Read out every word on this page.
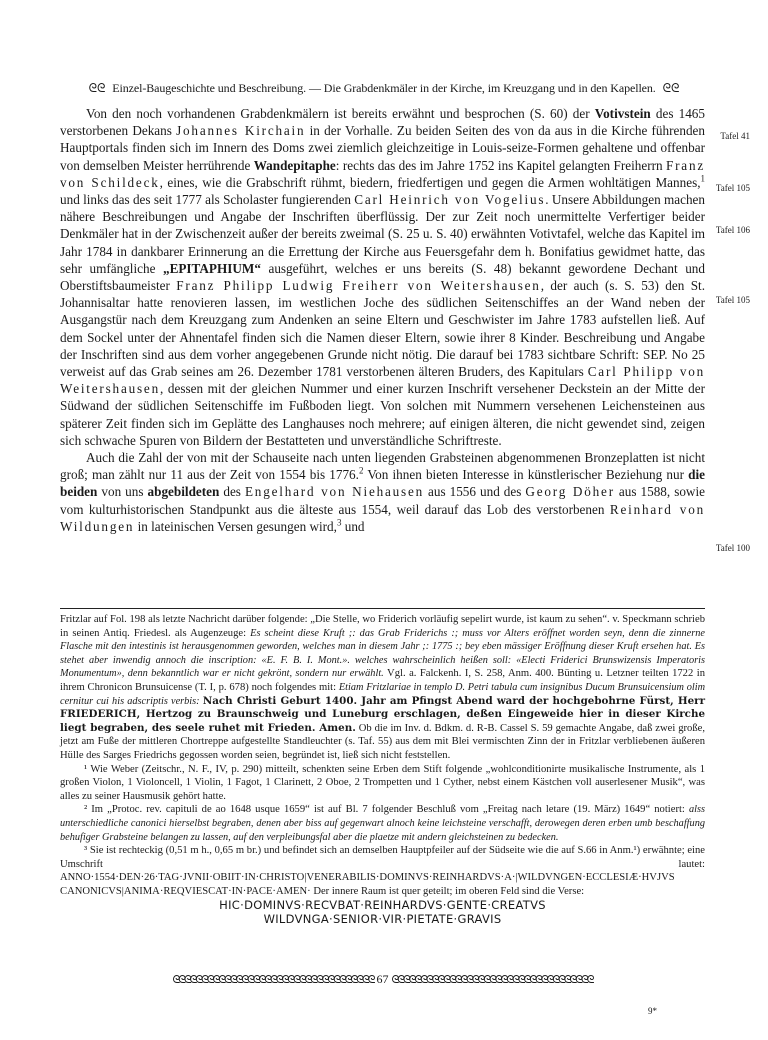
ᘓᘓ Einzel-Baugeschichte und Beschreibung. — Die Grabdenkmäler in der Kirche, im Kreuzgang und in den Kapellen. ᘓᘓ
Tafel 41
Tafel 105
Tafel 106
Tafel 105
Tafel 100

Von den noch vorhandenen Grabdenkmälern ist bereits erwähnt und besprochen (S. 60) der Votivstein des 1465 verstorbenen Dekans Johannes Kirchain in der Vorhalle. Zu beiden Seiten des von da aus in die Kirche führenden Hauptportals finden sich im Innern des Doms zwei ziemlich gleichzeitige in Louis-seize-Formen gehaltene und offenbar von demselben Meister herrührende Wandepitaphe: rechts das des im Jahre 1752 ins Kapitel gelangten Freiherrn Franz von Schildeck, eines, wie die Grabschrift rühmt, biedern, friedfertigen und gegen die Armen wohltätigen Mannes,$^1$ und links das des seit 1777 als Scholaster fungierenden Carl Heinrich von Vogelius. Unsere Abbildungen machen nähere Beschreibungen und Angabe der Inschriften überflüssig. Der zur Zeit noch unermittelte Verfertiger beider Denkmäler hat in der Zwischenzeit außer der bereits zweimal (S. 25 u. S. 40) erwähnten Votivtafel, welche das Kapitel im Jahr 1784 in dankbarer Erinnerung an die Errettung der Kirche aus Feuersgefahr dem h. Bonifatius gewidmet hatte, das sehr umfängliche „EPITAPHIUM“ ausgeführt, welches er uns bereits (S. 48) bekannt gewordene Dechant und Oberstiftsbaumeister Franz Philipp Ludwig Freiherr von Weitershausen, der auch (s. S. 53) den St. Johannisaltar hatte renovieren lassen, im westlichen Joche des südlichen Seitenschiffes an der Wand neben der Ausgangstür nach dem Kreuzgang zum Andenken an seine Eltern und Geschwister im Jahre 1783 aufstellen ließ. Auf dem Sockel unter der Ahnentafel finden sich die Namen dieser Eltern, sowie ihrer 8 Kinder. Beschreibung und Angabe der Inschriften sind aus dem vorher angegebenen Grunde nicht nötig. Die darauf bei 1783 sichtbare Schrift: SEP. No 25 verweist auf das Grab seines am 26. Dezember 1781 verstorbenen älteren Bruders, des Kapitulars Carl Philipp von Weitershausen, dessen mit der gleichen Nummer und einer kurzen Inschrift versehener Deckstein an der Mitte der Südwand der südlichen Seitenschiffe im Fußboden liegt. Von solchen mit Nummern versehenen Leichensteinen aus späterer Zeit finden sich im Geplätte des Langhauses noch mehrere; auf einigen älteren, die nicht gewendet sind, zeigen sich schwache Spuren von Bildern der Bestatteten und unverständliche Schriftreste.

Auch die Zahl der von mit der Schauseite nach unten liegenden Grabsteinen abgenommenen Bronzeplatten ist nicht groß; man zählt nur 11 aus der Zeit von 1554 bis 1776.$^2$ Von ihnen bieten Interesse in künstlerischer Beziehung nur die beiden von uns abgebildeten des Engelhard von Niehausen aus 1556 und des Georg Döher aus 1588, sowie vom kulturhistorischen Standpunkt aus die älteste aus 1554, weil darauf das Lob des verstorbenen Reinhard von Wildungen in lateinischen Versen gesungen wird,$^3$ und

Fritzlar auf Fol. 198 als letzte Nachricht darüber folgende: „Die Stelle, wo Friderich vorläufig sepelirt wurde, ist kaum zu sehen“. v. Speckmann schrieb in seinen Antiq. Friedesl. als Augenzeuge: Es scheint diese Kruft ;: das Grab Friderichs :; muss vor Alters eröffnet worden seyn, denn die zinnerne Flasche mit den intestinis ist herausgenommen geworden, welches man in diesem Jahr ;: 1775 :; bey eben mässiger Eröffnung dieser Kruft ersehen hat. Es stehet aber inwendig annoch die inscription: «E. F. B. I. Mont.». welches wahrscheinlich heißen soll: «Electi Friderici Brunswizensis Imperatoris Monumentum», denn bekanntlich war er nicht gekrönt, sondern nur erwählt. Vgl. a. Falckenh. I, S. 258, Anm. 400. Bünting u. Letzner teilten 1722 in ihrem Chronicon Brunsuicense (T. I, p. 678) noch folgendes mit: Etiam Fritzlariae in templo D. Petri tabula cum insignibus Ducum Brunsuicensium olim cernitur cui his adscriptis verbis: Nach Christi Geburt 1400. Jahr am Pfingst Abend ward der hochgebohrne Fürst, Herr FRIEDERICH, Hertzog zu Braunschweig und Luneburg erschlagen, deßen Eingeweide hier in dieser Kirche liegt begraben, des seele ruhet mit Frieden. Amen. Ob die im Inv. d. Bdkm. d. R-B. Cassel S. 59 gemachte Angabe, daß zwei große, jetzt am Fuße der mittleren Chortreppe aufgestellte Standleuchter (s. Taf. 55) aus dem mit Blei vermischten Zinn der in Fritzlar verbliebenen äußeren Hülle des Sarges Friedrichs gegossen worden seien, begründet ist, ließ sich nicht feststellen.

¹ Wie Weber (Zeitschr., N. F., IV, p. 290) mitteilt, schenkten seine Erben dem Stift folgende „wohlconditionirte musikalische Instrumente, als 1 großen Violon, 1 Violoncell, 1 Violin, 1 Fagot, 1 Clarinett, 2 Oboe, 2 Trompetten und 1 Cyther, nebst einem Kästchen voll auserlesener Musik“, was alles zu seiner Hausmusik gehört hatte.

² Im „Protoc. rev. capituli de ao 1648 usque 1659“ ist auf Bl. 7 folgender Beschluß vom „Freitag nach letare (19. März) 1649“ notiert: alss unterschiedliche canonici hierselbst begraben, denen aber biss auf gegenwart alnoch keine leichsteine verschafft, derowegen deren erben umb beschaffung behufiger Grabsteine belangen zu lassen, auf den verpleibungsfal aber die plaetze mit andern gleichsteinen zu bedecken.

³ Sie ist rechteckig (0,51 m h., 0,65 m br.) und befindet sich an demselben Hauptpfeiler auf der Südseite wie die auf S.66 in Anm.¹) erwähnte; eine Umschrift lautet: ANNO·1554·DEN·26·TAG·JVNII·OBIIT·IN·CHRISTO|VENERABILIS·DOMINVS·REINHARDVS·A·|WILDVNGEN·ECCLESIÆ·HVJVS CANONICVS|ANIMA·REQVIESCAT·IN·PACE·AMEN· Der innere Raum ist quer geteilt; im oberen Feld sind die Verse:

HIC·DOMINVS·RECVBAT·REINHARDVS·GENTE·CREATVS

WILDVNGA·SENIOR·VIR·PIETATE·GRAVIS

ᘓᘓᘓᘓᘓᘓᘓᘓᘓᘓᘓᘓᘓᘓᘓᘓᘓᘓᘓᘓᘓᘓᘓᘓᘓᘓᘓᘓᘓᘓᘓᘓᘓᘓᘓ 67 ᘓᘓᘓᘓᘓᘓᘓᘓᘓᘓᘓᘓᘓᘓᘓᘓᘓᘓᘓᘓᘓᘓᘓᘓᘓᘓᘓᘓᘓᘓᘓᘓᘓᘓᘓ
9*
